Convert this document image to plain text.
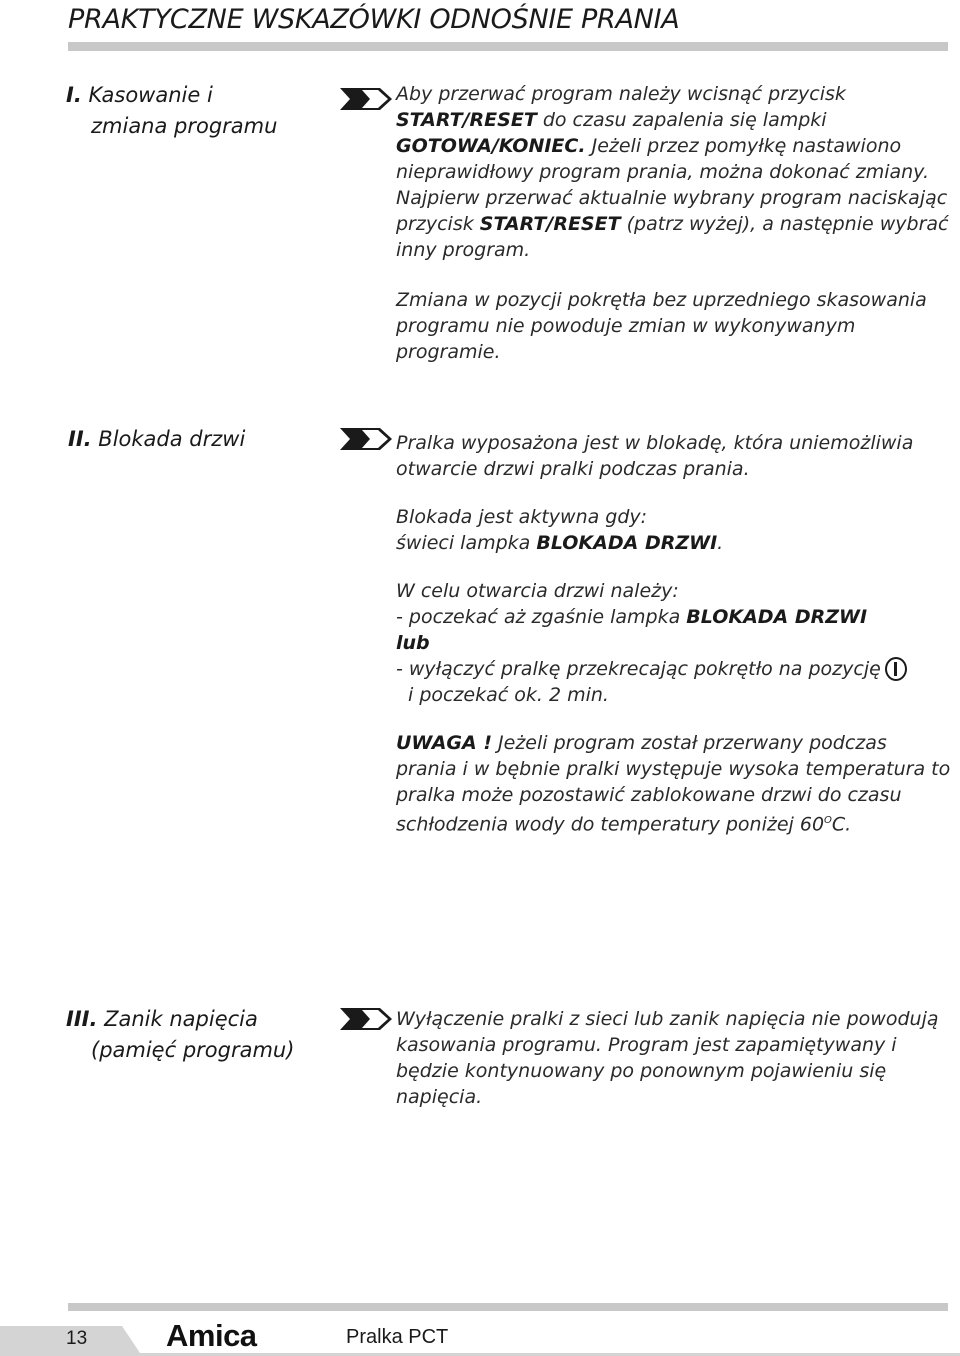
PRAKTYCZNE WSKAZÓWKI ODNOŚNIE PRANIA
I. Kasowanie i
zmiana programu

Aby przerwać program należy wcisnąć przycisk START/RESET do czasu zapalenia się lampki GOTOWA/KONIEC. Jeżeli przez pomyłkę nastawiono nieprawidłowy program prania, można dokonać zmiany. Najpierw przerwać aktualnie wybrany program naciskając przycisk START/RESET (patrz wyżej), a następnie wybrać inny program.

Zmiana w pozycji pokrętła bez uprzedniego skasowania programu nie powoduje zmian w wykonywanym programie.

II. Blokada drzwi	Pralka wyposażona jest w blokadę, która uniemożliwia otwarcie drzwi pralki podczas prania.

Blokada jest aktywna gdy:
świeci lampka BLOKADA DRZWI.

W celu otwarcia drzwi należy:
- poczekać aż zgaśnie lampka BLOKADA DRZWI
lub
- wyłączyć pralkę przekrecając pokrętło na pozycję
i poczekać ok. 2 min.

UWAGA ! Jeżeli program został przerwany podczas prania i w bębnie pralki występuje wysoka temperatura to pralka może pozostawić zablokowane drzwi do czasu schłodzenia wody do temperatury poniżej $60^OC$.

III. Zanik napięcia
(pamięć programu)

Wyłączenie pralki z sieci lub zanik napięcia nie powodują kasowania programu. Program jest zapamiętywany i będzie kontynuowany po ponownym pojawieniu się napięcia.

13	Amica	Pralka PCT
